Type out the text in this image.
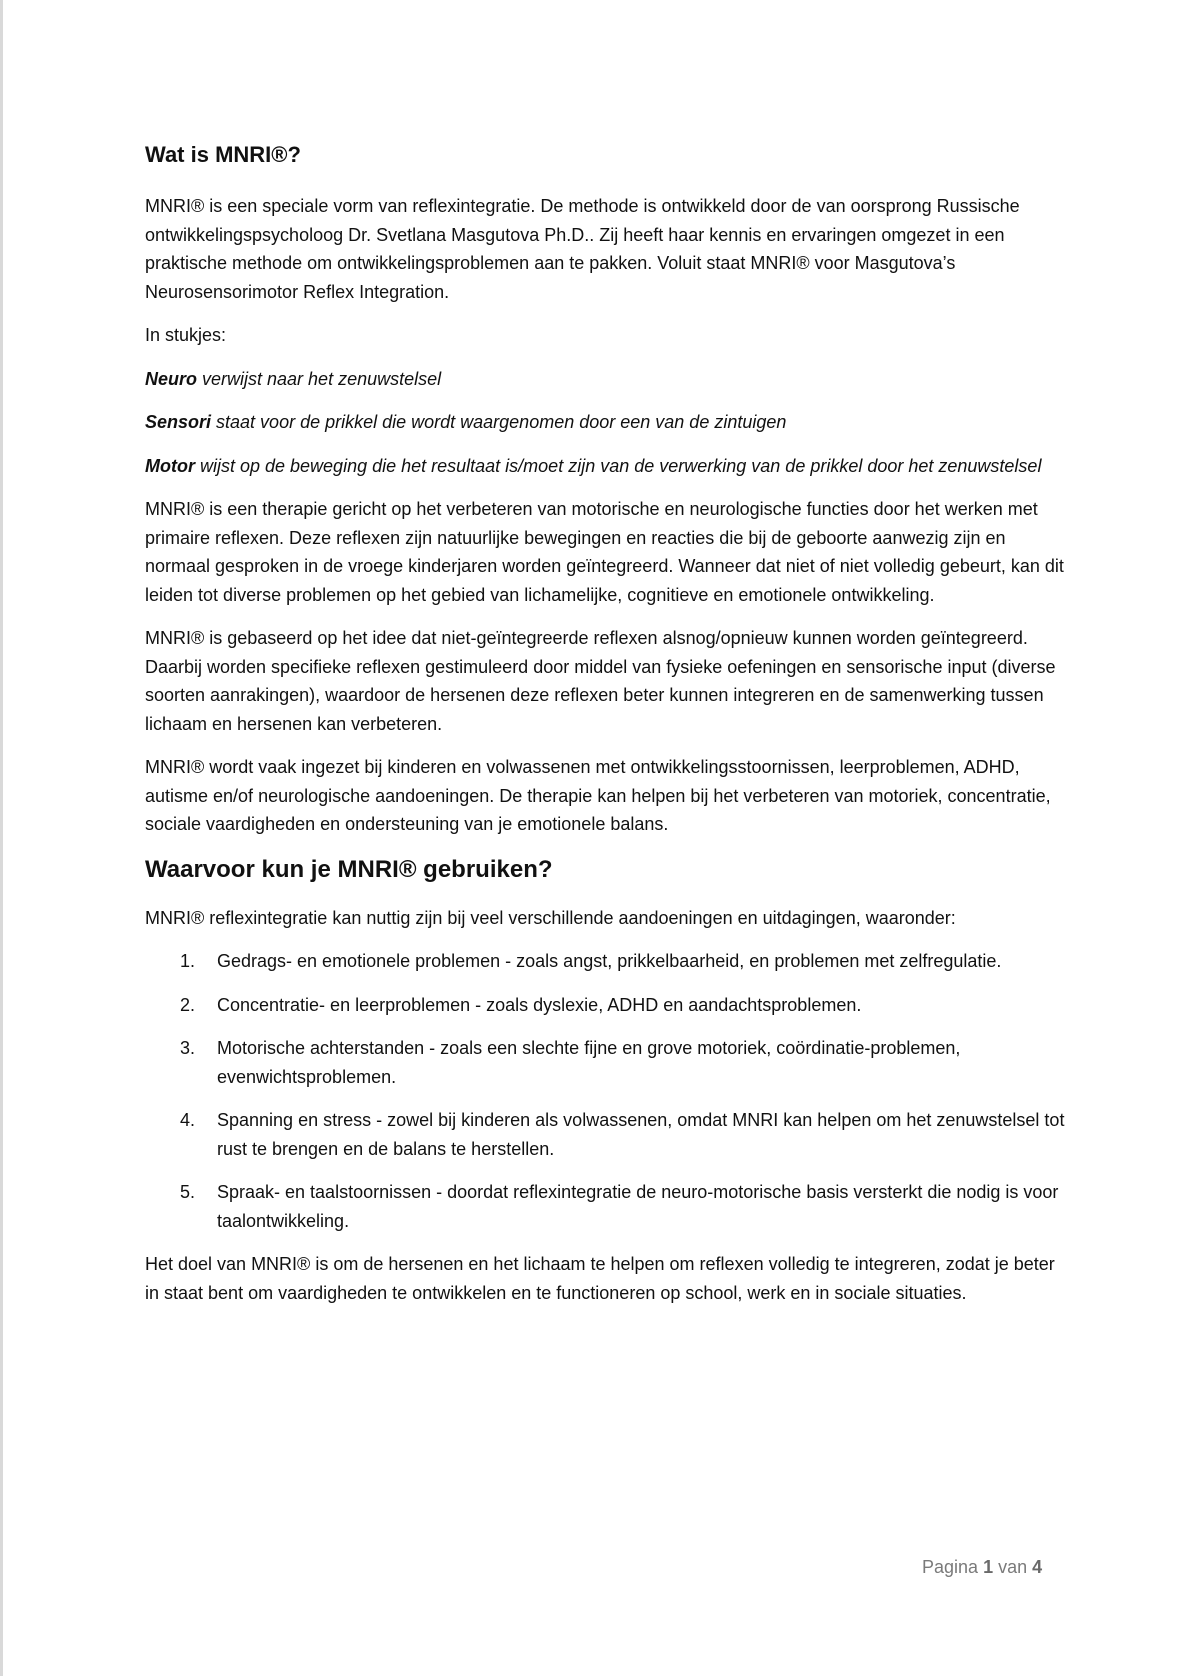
Wat is MNRI®?

MNRI® is een speciale vorm van reflexintegratie. De methode is ontwikkeld door de van oorsprong Russische ontwikkelingspsycholoog Dr. Svetlana Masgutova Ph.D.. Zij heeft haar kennis en ervaringen omgezet in een praktische methode om ontwikkelingsproblemen aan te pakken. Voluit staat MNRI® voor Masgutova’s Neurosensorimotor Reflex Integration.

In stukjes:

Neuro verwijst naar het zenuwstelsel

Sensori staat voor de prikkel die wordt waargenomen door een van de zintuigen

Motor wijst op de beweging die het resultaat is/moet zijn van de verwerking van de prikkel door het zenuwstelsel

MNRI® is een therapie gericht op het verbeteren van motorische en neurologische functies door het werken met primaire reflexen. Deze reflexen zijn natuurlijke bewegingen en reacties die bij de geboorte aanwezig zijn en normaal gesproken in de vroege kinderjaren worden geïntegreerd. Wanneer dat niet of niet volledig gebeurt, kan dit leiden tot diverse problemen op het gebied van lichamelijke, cognitieve en emotionele ontwikkeling.

MNRI® is gebaseerd op het idee dat niet-geïntegreerde reflexen alsnog/opnieuw kunnen worden geïntegreerd. Daarbij worden specifieke reflexen gestimuleerd door middel van fysieke oefeningen en sensorische input (diverse soorten aanrakingen), waardoor de hersenen deze reflexen beter kunnen integreren en de samenwerking tussen lichaam en hersenen kan verbeteren.

MNRI® wordt vaak ingezet bij kinderen en volwassenen met ontwikkelingsstoornissen, leerproblemen, ADHD, autisme en/of neurologische aandoeningen. De therapie kan helpen bij het verbeteren van motoriek, concentratie, sociale vaardigheden en ondersteuning van je emotionele balans.

Waarvoor kun je MNRI® gebruiken?

MNRI® reflexintegratie kan nuttig zijn bij veel verschillende aandoeningen en uitdagingen, waaronder:

1. Gedrags- en emotionele problemen - zoals angst, prikkelbaarheid, en problemen met zelfregulatie.
2. Concentratie- en leerproblemen - zoals dyslexie, ADHD en aandachtsproblemen.
3. Motorische achterstanden - zoals een slechte fijne en grove motoriek, coördinatie-problemen, evenwichtsproblemen.
4. Spanning en stress - zowel bij kinderen als volwassenen, omdat MNRI kan helpen om het zenuwstelsel tot rust te brengen en de balans te herstellen.
5. Spraak- en taalstoornissen - doordat reflexintegratie de neuro-motorische basis versterkt die nodig is voor taalontwikkeling.

Het doel van MNRI® is om de hersenen en het lichaam te helpen om reflexen volledig te integreren, zodat je beter in staat bent om vaardigheden te ontwikkelen en te functioneren op school, werk en in sociale situaties.

Pagina 1 van 4
